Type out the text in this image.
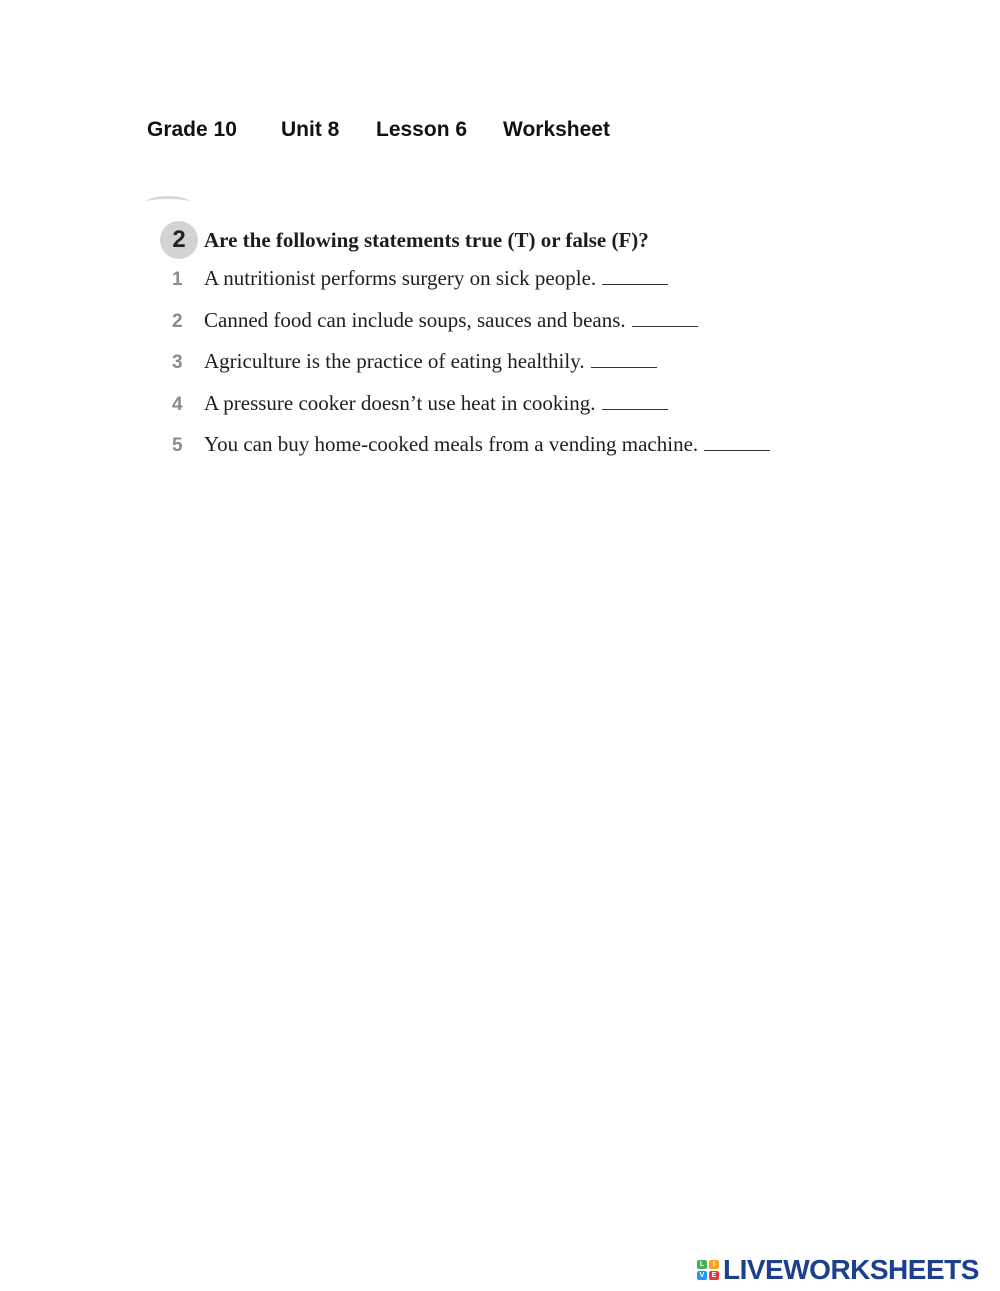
Grade 10 Unit 8 Lesson 6 Worksheet
2 Are the following statements true (T) or false (F)?
1	A nutritionist performs surgery on sick people.
2	Canned food can include soups, sauces and beans.
3	Agriculture is the practice of eating healthily.
4	A pressure cooker doesn’t use heat in cooking.
5	You can buy home-cooked meals from a vending machine.
L	I
V	E LIVEWORKSHEETS
